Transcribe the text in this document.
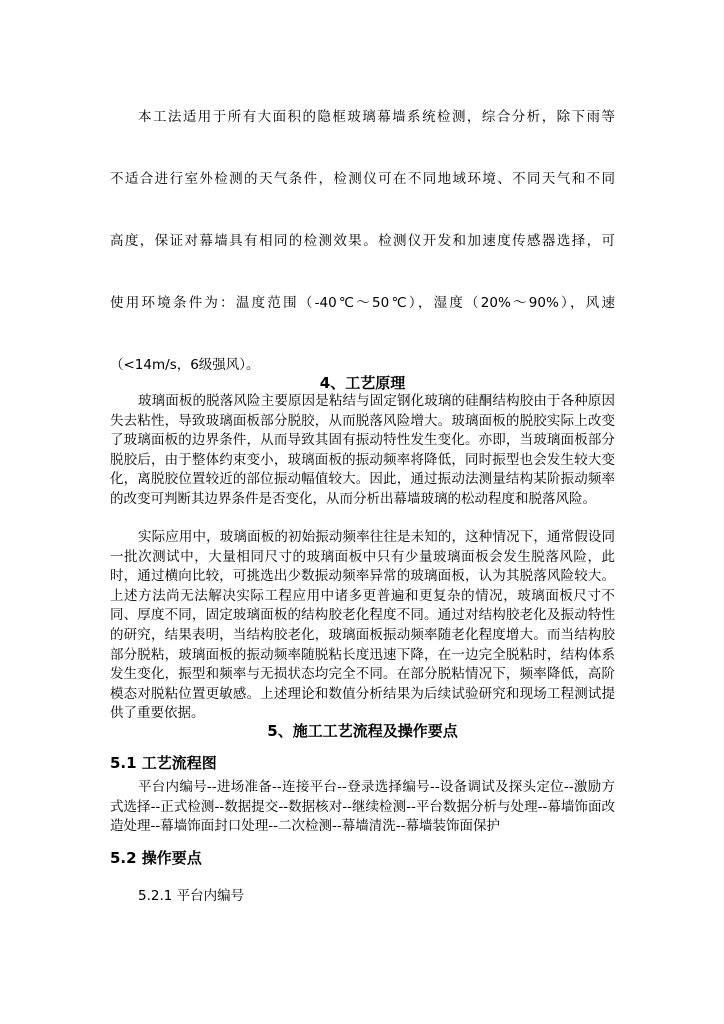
本工法适用于所有大面积的隐框玻璃幕墙系统检测，综合分析，除下雨等

不适合进行室外检测的天气条件，检测仪可在不同地域环境、不同天气和不同

高度，保证对幕墙具有相同的检测效果。检测仪开发和加速度传感器选择，可

使用环境条件为：温度范围（-40℃～50℃），湿度（20%～90%），风速

（<14m/s，6级强风）。

4、工艺原理

玻璃面板的脱落风险主要原因是粘结与固定钢化玻璃的硅酮结构胶由于各种原因失去粘性，导致玻璃面板部分脱胶，从而脱落风险增大。玻璃面板的脱胶实际上改变了玻璃面板的边界条件，从而导致其固有振动特性发生变化。亦即，当玻璃面板部分脱胶后，由于整体约束变小，玻璃面板的振动频率将降低，同时振型也会发生较大变化，离脱胶位置较近的部位振动幅值较大。因此，通过振动法测量结构某阶振动频率的改变可判断其边界条件是否变化，从而分析出幕墙玻璃的松动程度和脱落风险。

实际应用中，玻璃面板的初始振动频率往往是未知的，这种情况下，通常假设同一批次测试中，大量相同尺寸的玻璃面板中只有少量玻璃面板会发生脱落风险，此时，通过横向比较，可挑选出少数振动频率异常的玻璃面板，认为其脱落风险较大。上述方法尚无法解决实际工程应用中诸多更普遍和更复杂的情况，玻璃面板尺寸不同、厚度不同，固定玻璃面板的结构胶老化程度不同。通过对结构胶老化及振动特性的研究，结果表明，当结构胶老化，玻璃面板振动频率随老化程度增大。而当结构胶部分脱粘，玻璃面板的振动频率随脱粘长度迅速下降，在一边完全脱粘时，结构体系发生变化，振型和频率与无损状态均完全不同。在部分脱粘情况下，频率降低，高阶模态对脱粘位置更敏感。上述理论和数值分析结果为后续试验研究和现场工程测试提供了重要依据。

5、施工工艺流程及操作要点
5.1 工艺流程图

平台内编号--进场准备--连接平台--登录选择编号--设备调试及探头定位--激励方式选择--正式检测--数据提交--数据核对--继续检测--平台数据分析与处理--幕墙饰面改造处理--幕墙饰面封口处理--二次检测--幕墙清洗--幕墙装饰面保护

5.2 操作要点
5.2.1 平台内编号
